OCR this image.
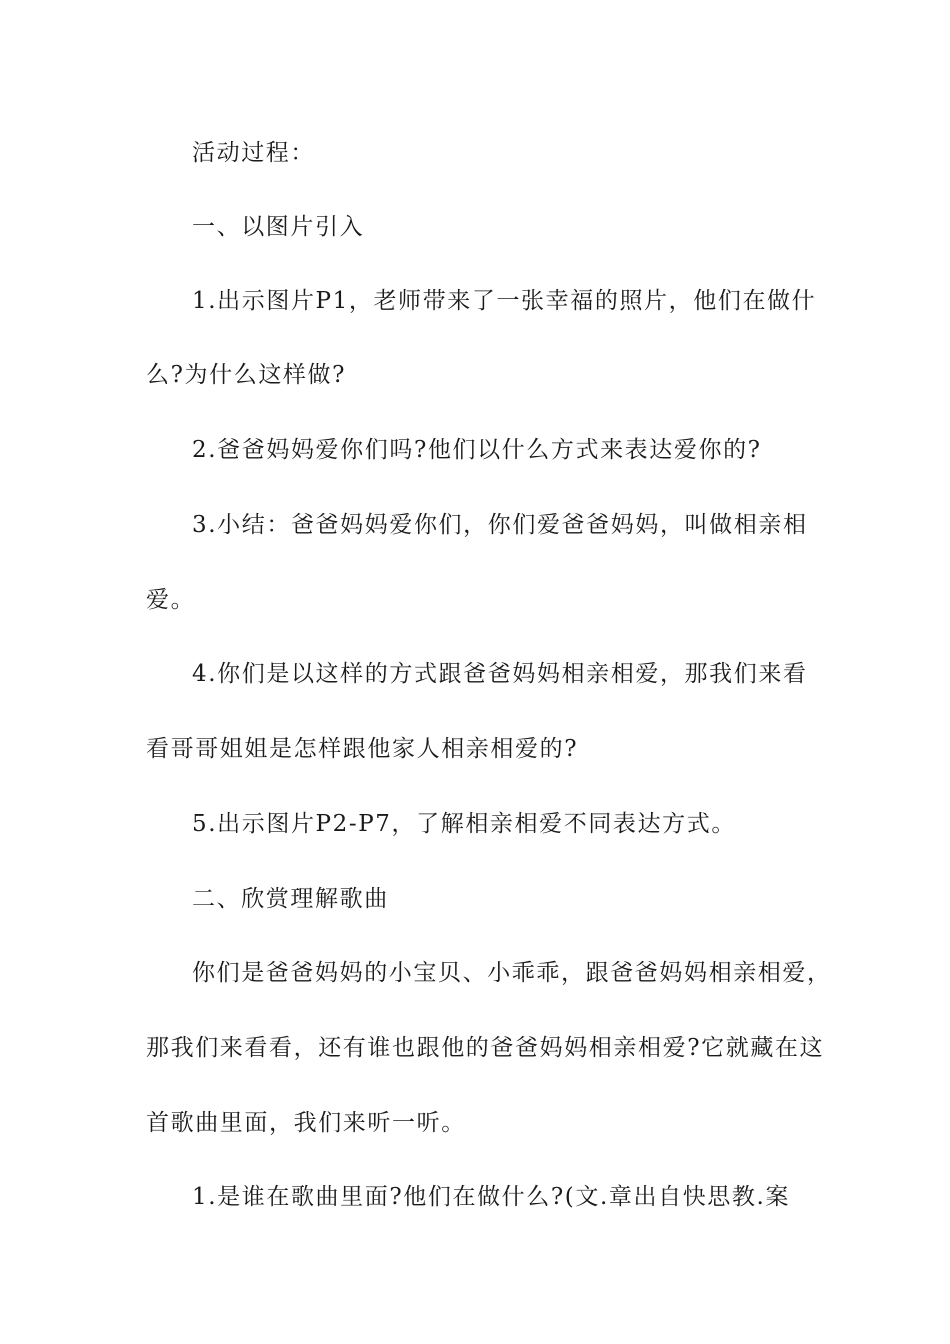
活动过程：
一、以图片引入
1.出示图片P1，老师带来了一张幸福的照片，他们在做什
么?为什么这样做?
2.爸爸妈妈爱你们吗?他们以什么方式来表达爱你的?
3.小结：爸爸妈妈爱你们，你们爱爸爸妈妈，叫做相亲相
爱。
4.你们是以这样的方式跟爸爸妈妈相亲相爱，那我们来看
看哥哥姐姐是怎样跟他家人相亲相爱的?
5.出示图片P2-P7，了解相亲相爱不同表达方式。
二、欣赏理解歌曲
你们是爸爸妈妈的小宝贝、小乖乖，跟爸爸妈妈相亲相爱，
那我们来看看，还有谁也跟他的爸爸妈妈相亲相爱?它就藏在这
首歌曲里面，我们来听一听。
1.是谁在歌曲里面?他们在做什么?(文.章出自快思教.案
